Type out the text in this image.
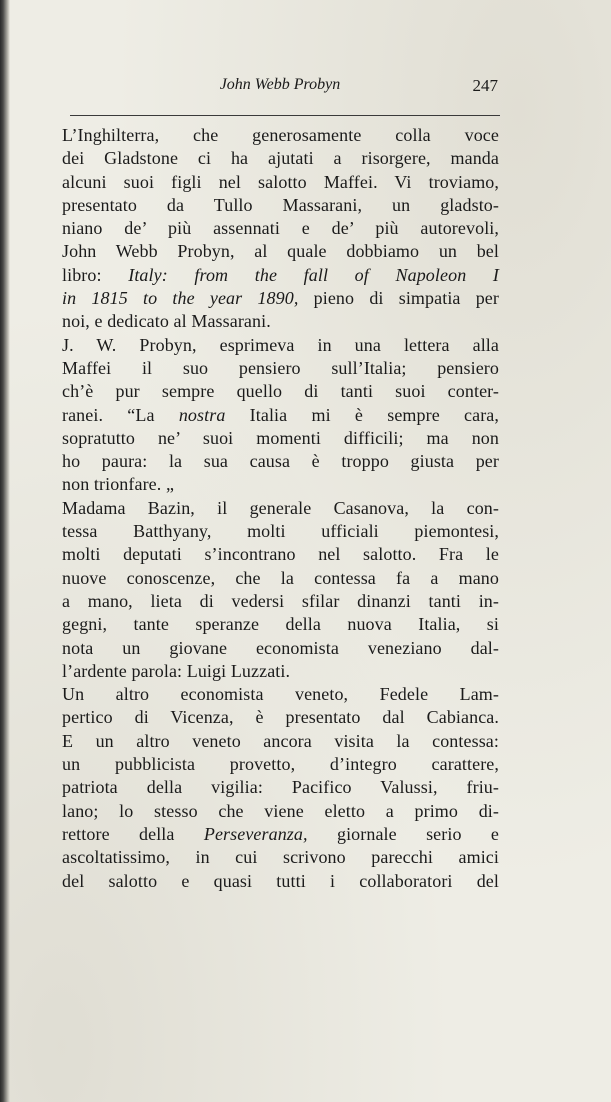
John Webb Probyn	247
L’Inghilterra, che generosamente colla voce
dei Gladstone ci ha ajutati a risorgere, manda
alcuni suoi figli nel salotto Maffei. Vi troviamo,
presentato da Tullo Massarani, un gladsto-
niano de’ più assennati e de’ più autorevoli,
John Webb Probyn, al quale dobbiamo un bel
libro: Italy: from the fall of Napoleon I
in 1815 to the year 1890, pieno di simpatia per
noi, e dedicato al Massarani.
J. W. Probyn, esprimeva in una lettera alla
Maffei il suo pensiero sull’Italia; pensiero
ch’è pur sempre quello di tanti suoi conter-
ranei. “La nostra Italia mi è sempre cara,
sopratutto ne’ suoi momenti difficili; ma non
ho paura: la sua causa è troppo giusta per
non trionfare. „
Madama Bazin, il generale Casanova, la con-
tessa Batthyany, molti ufficiali piemontesi,
molti deputati s’incontrano nel salotto. Fra le
nuove conoscenze, che la contessa fa a mano
a mano, lieta di vedersi sfilar dinanzi tanti in-
gegni, tante speranze della nuova Italia, si
nota un giovane economista veneziano dal-
l’ardente parola: Luigi Luzzati.
Un altro economista veneto, Fedele Lam-
pertico di Vicenza, è presentato dal Cabianca.
E un altro veneto ancora visita la contessa:
un pubblicista provetto, d’integro carattere,
patriota della vigilia: Pacifico Valussi, friu-
lano; lo stesso che viene eletto a primo di-
rettore della Perseveranza, giornale serio e
ascoltatissimo, in cui scrivono parecchi amici
del salotto e quasi tutti i collaboratori del
